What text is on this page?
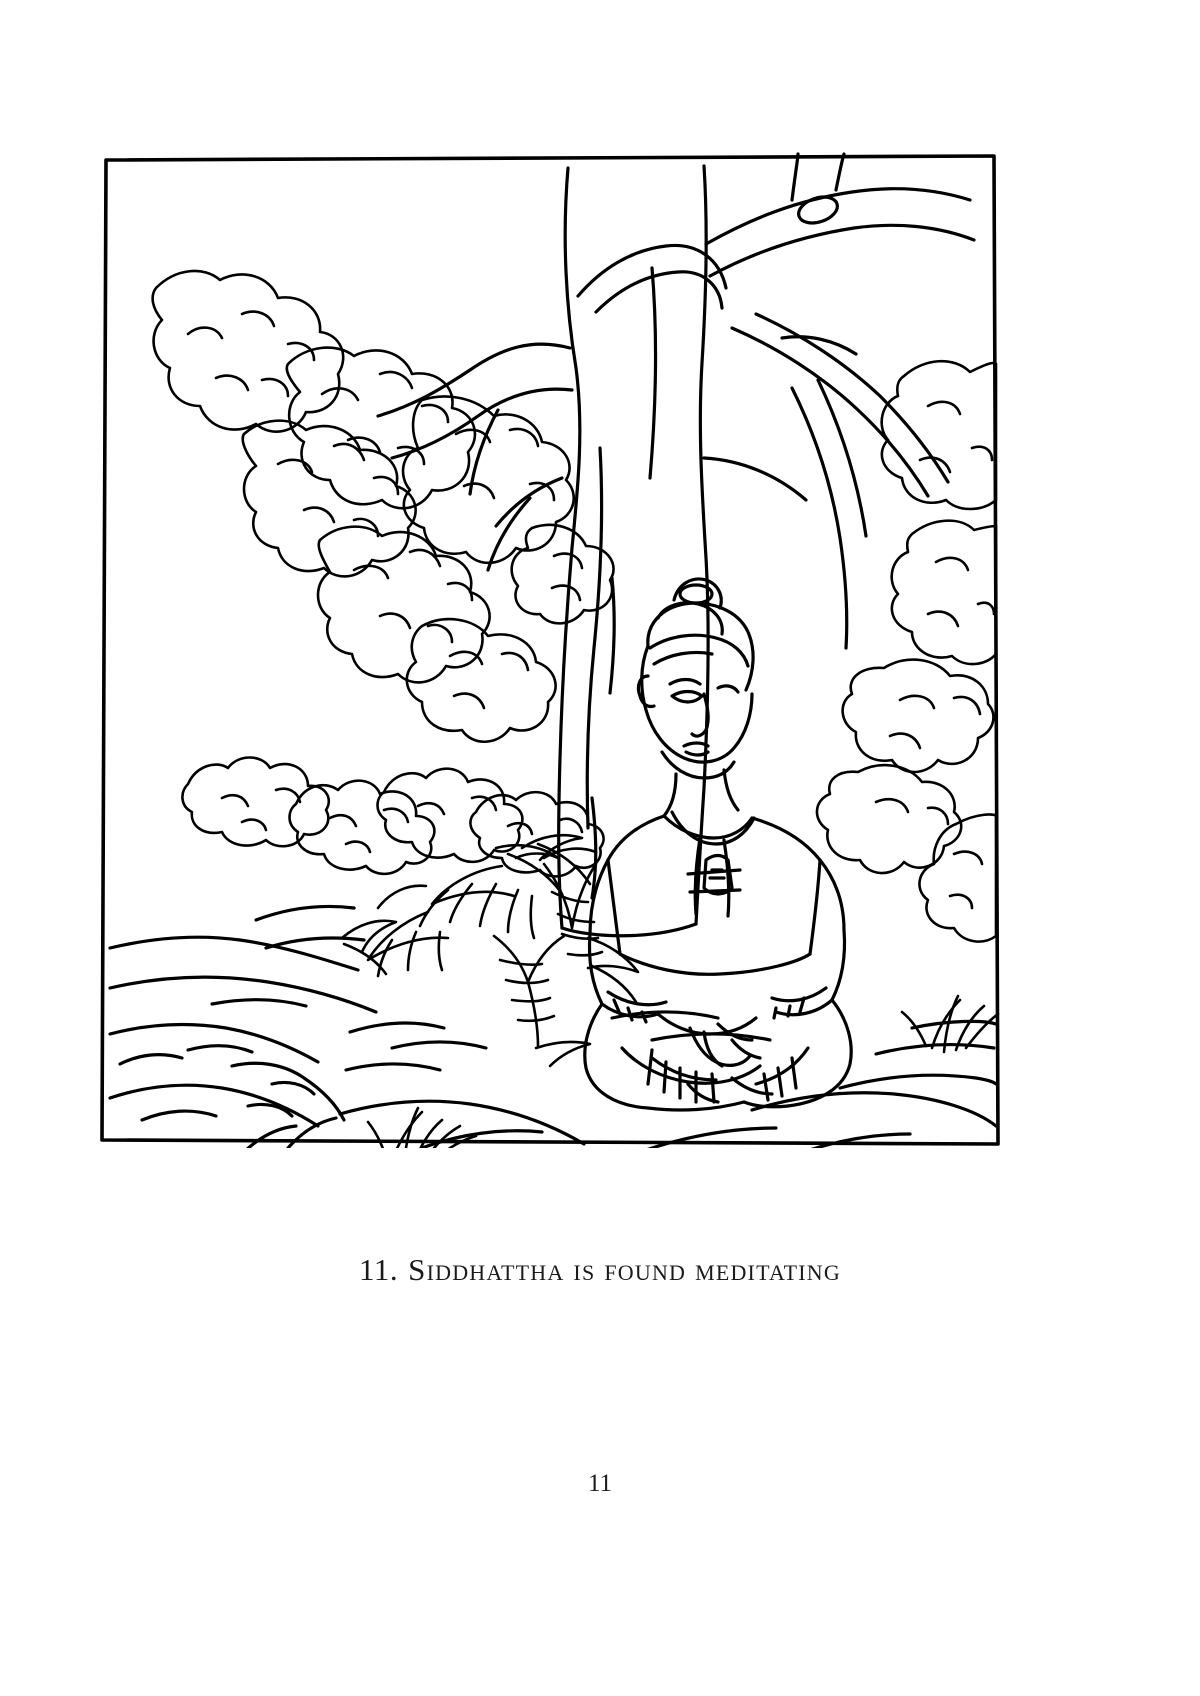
11. Siddhattha is found meditating
11
